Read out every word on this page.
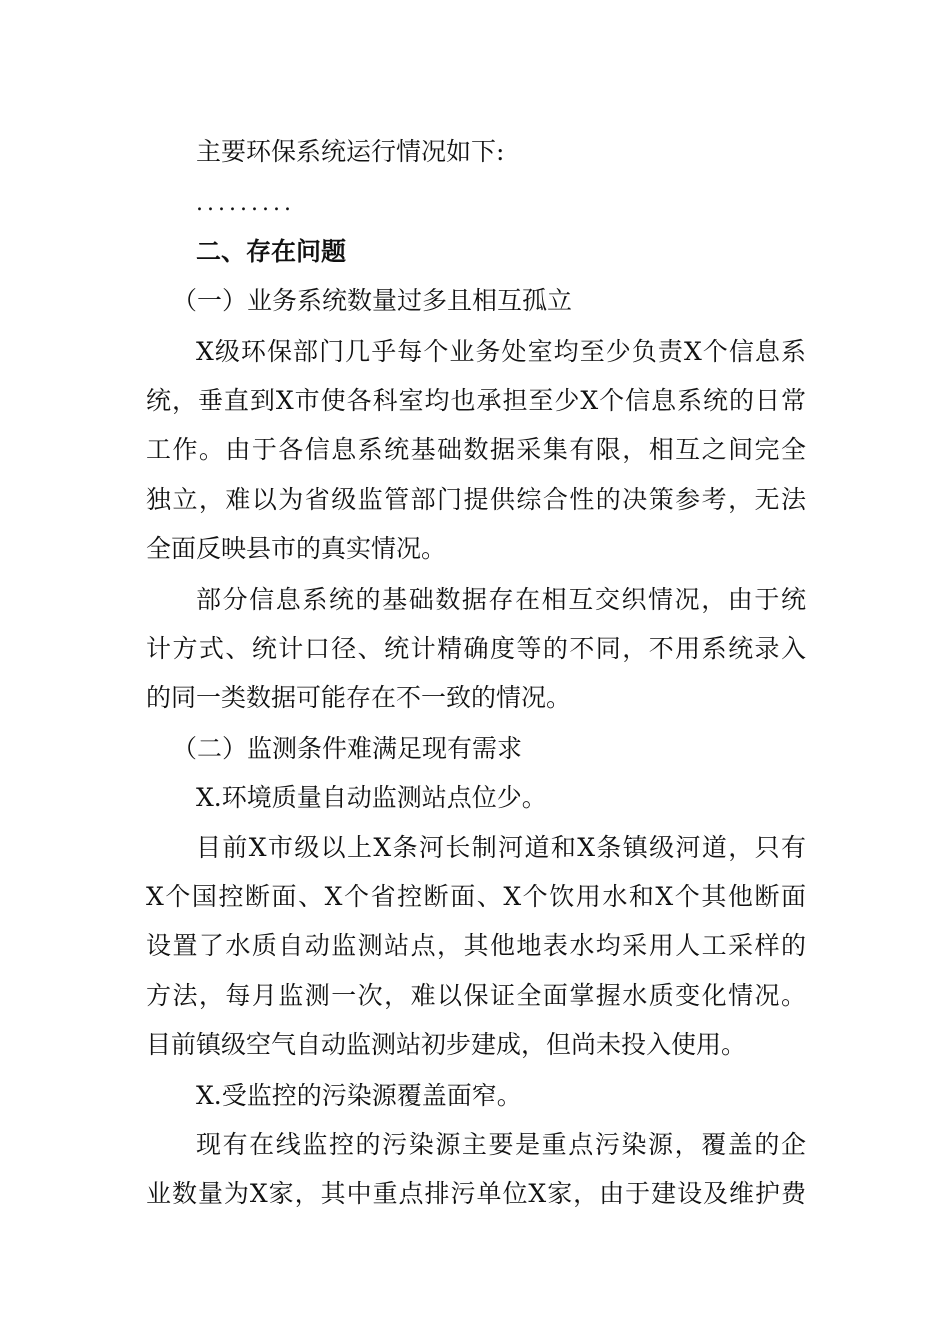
主要环保系统运行情况如下:
.........
二、存在问题
（一）业务系统数量过多且相互孤立
X级环保部门几乎每个业务处室均至少负责X个信息系
统，垂直到X市使各科室均也承担至少X个信息系统的日常
工作。由于各信息系统基础数据采集有限，相互之间完全
独立，难以为省级监管部门提供综合性的决策参考，无法
全面反映县市的真实情况。
部分信息系统的基础数据存在相互交织情况，由于统
计方式、统计口径、统计精确度等的不同，不用系统录入
的同一类数据可能存在不一致的情况。
（二）监测条件难满足现有需求
X.环境质量自动监测站点位少。
目前X市级以上X条河长制河道和X条镇级河道，只有
X个国控断面、X个省控断面、X个饮用水和X个其他断面
设置了水质自动监测站点，其他地表水均采用人工采样的
方法，每月监测一次，难以保证全面掌握水质变化情况。
目前镇级空气自动监测站初步建成，但尚未投入使用。
X.受监控的污染源覆盖面窄。
现有在线监控的污染源主要是重点污染源，覆盖的企
业数量为X家，其中重点排污单位X家，由于建设及维护费
